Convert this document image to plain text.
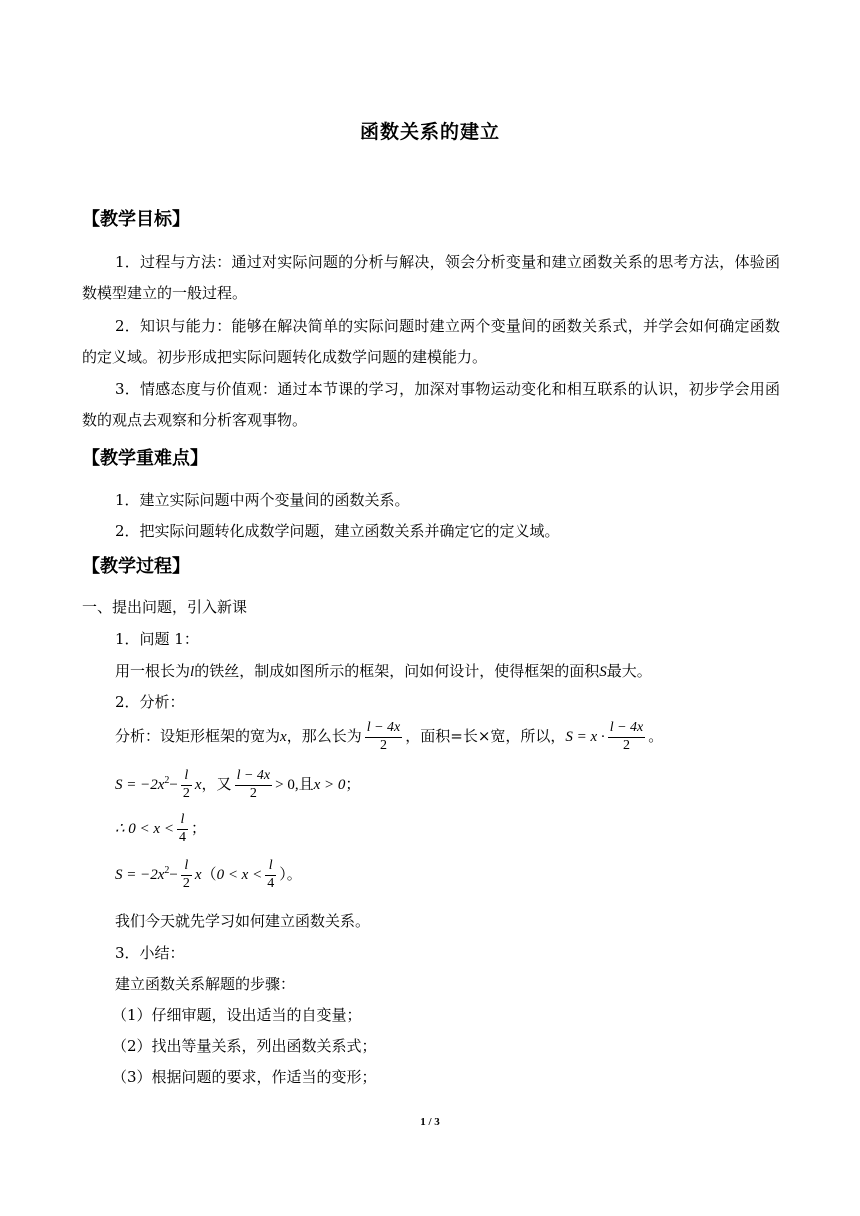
函数关系的建立
【教学目标】
1．过程与方法：通过对实际问题的分析与解决，领会分析变量和建立函数关系的思考方法，体验函数模型建立的一般过程。
2．知识与能力：能够在解决简单的实际问题时建立两个变量间的函数关系式，并学会如何确定函数的定义域。初步形成把实际问题转化成数学问题的建模能力。
3．情感态度与价值观：通过本节课的学习，加深对事物运动变化和相互联系的认识，初步学会用函数的观点去观察和分析客观事物。
【教学重难点】
1．建立实际问题中两个变量间的函数关系。
2．把实际问题转化成数学问题，建立函数关系并确定它的定义域。
【教学过程】
一、提出问题，引入新课
1．问题 1：
用一根长为l的铁丝，制成如图所示的框架，问如何设计，使得框架的面积S最大。
2．分析：
分析：设矩形框架的宽为x，那么长为 $\frac{l - 4x}{2}$ ，面积=长×宽，所以，$S = x \cdot \frac{l - 4x}{2}$ 。
$S = -2x^2- \frac{l}{2}$ x，又 $\frac{l - 4x}{2} > 0$,且x > 0；
∴ $0 < x < \frac{l}{4}$ ；
$S = -2x^2- \frac{l}{2} x(0 < x < \frac{l}{4}$ ）。
我们今天就先学习如何建立函数关系。
3．小结：
建立函数关系解题的步骤：
（1）仔细审题，设出适当的自变量；
（2）找出等量关系，列出函数关系式；
（3）根据问题的要求，作适当的变形；
1 / 3
